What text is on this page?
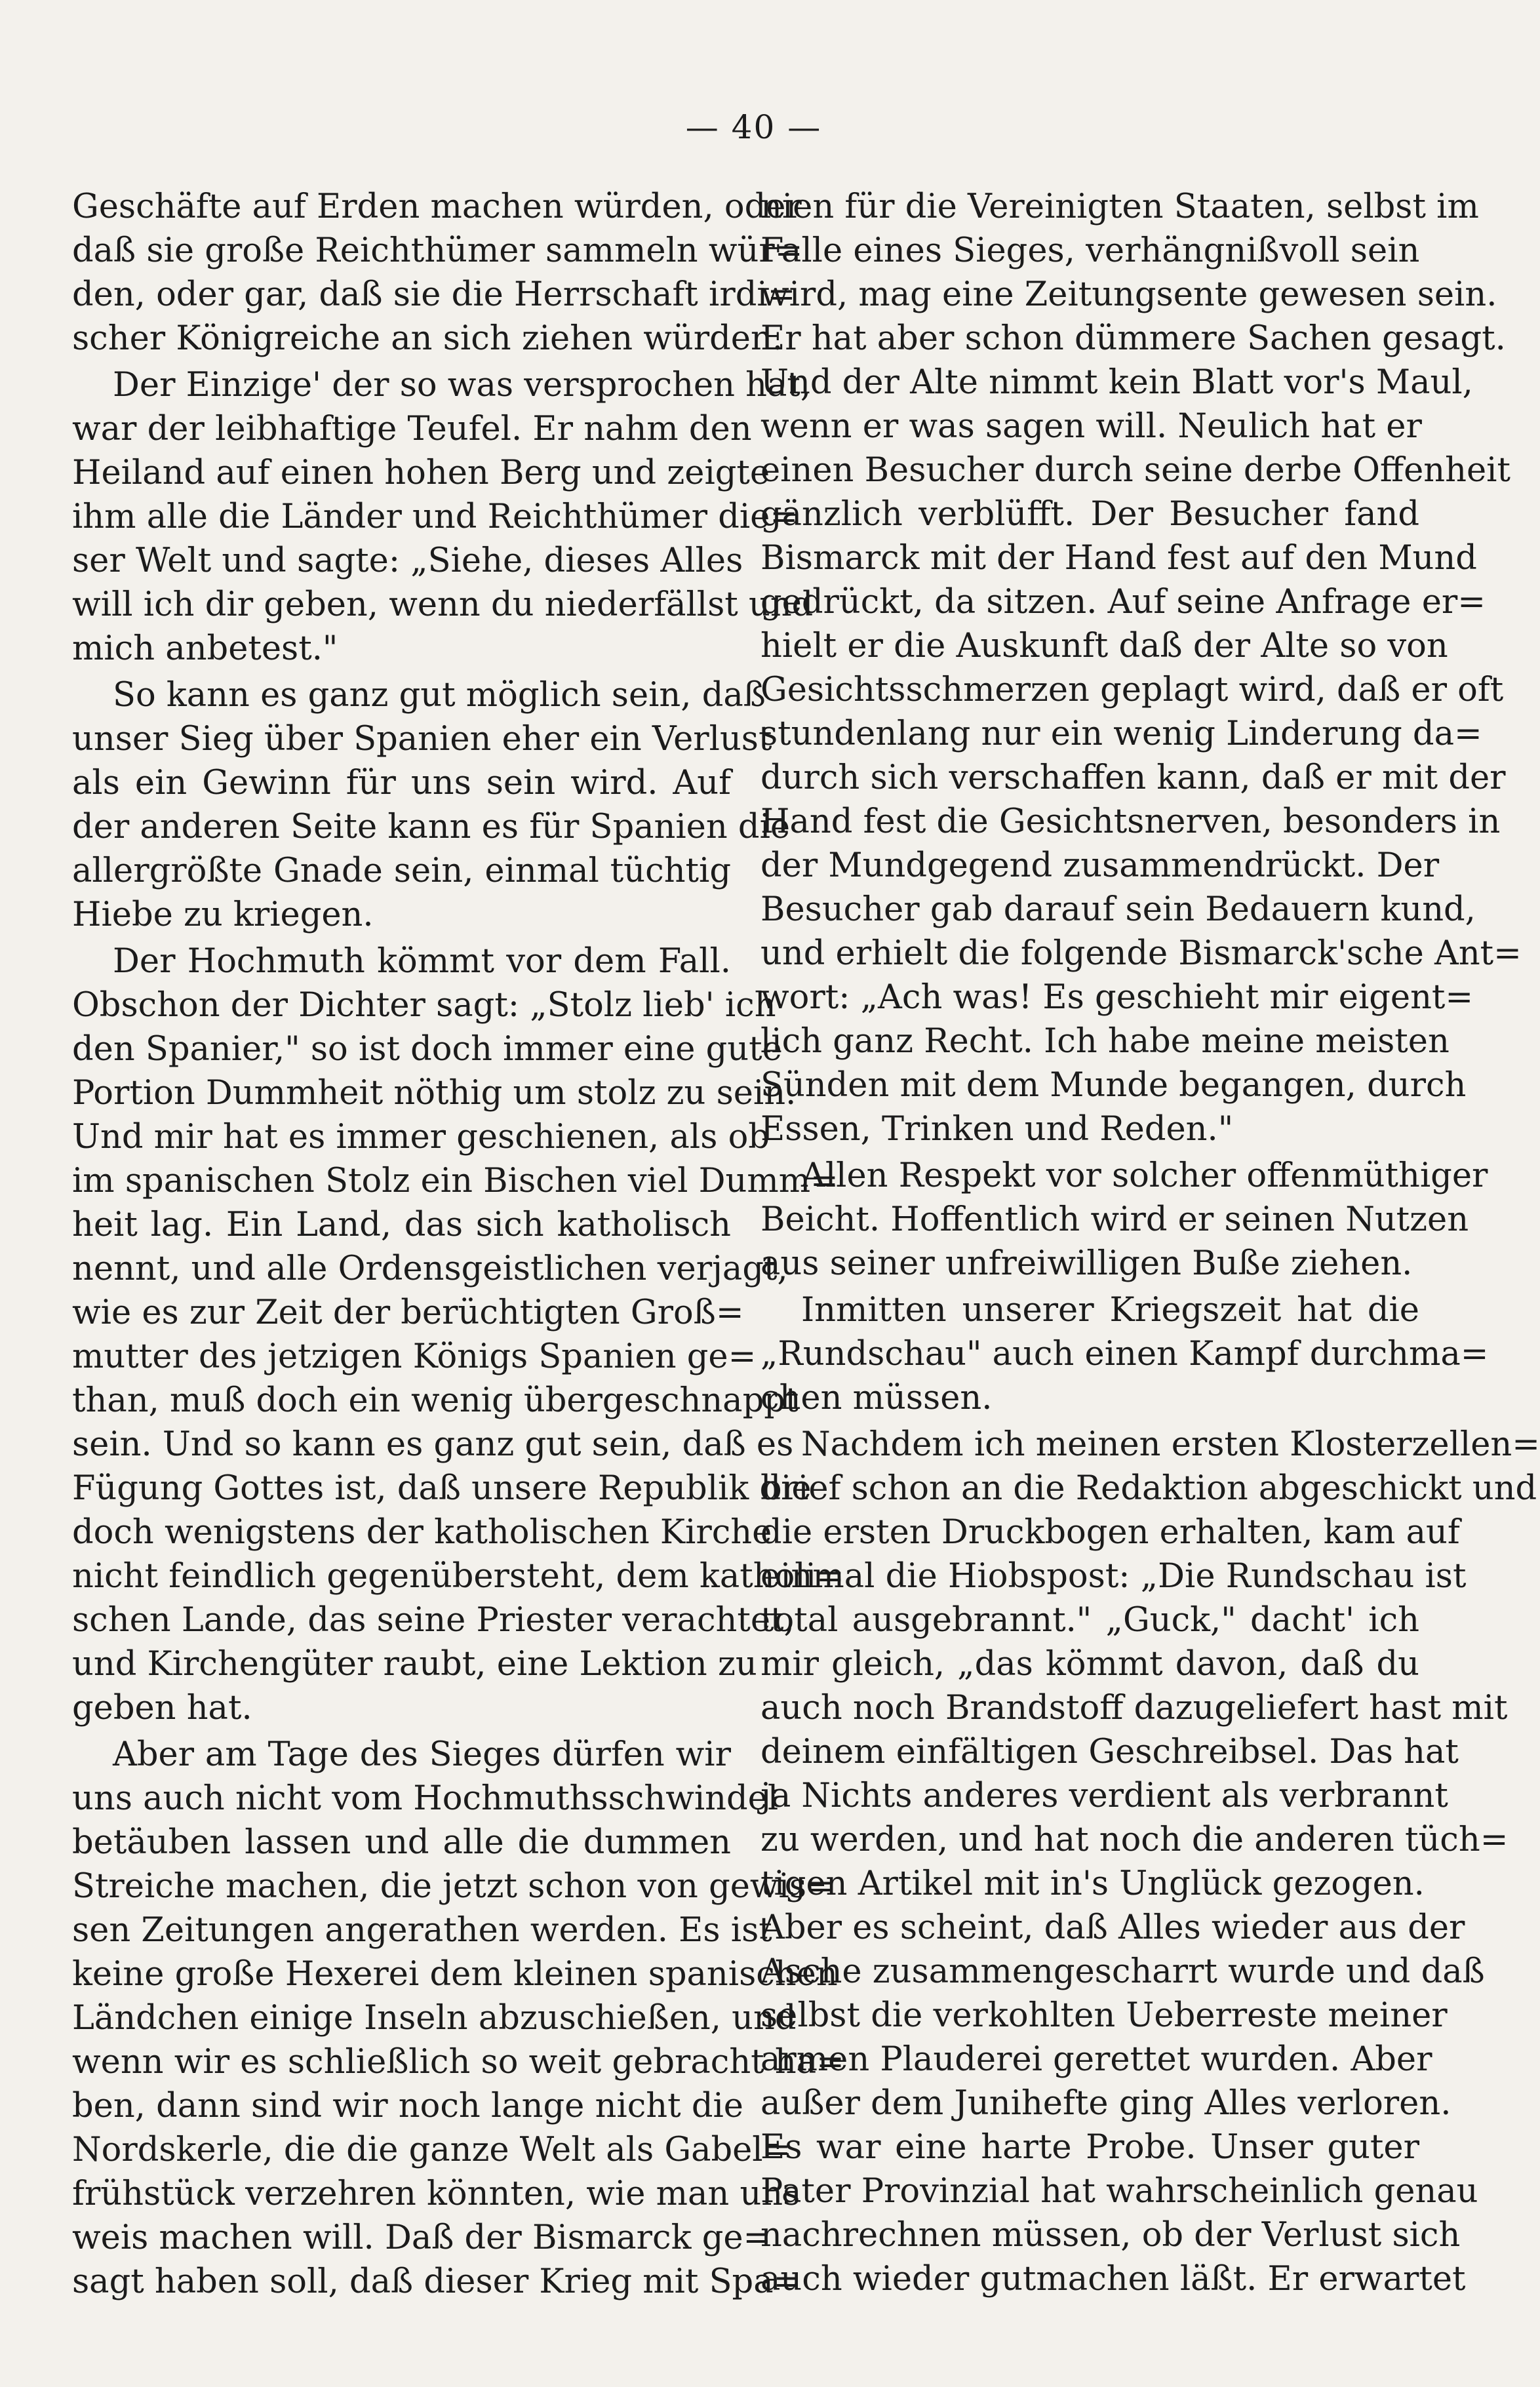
— 40 —
Geschäfte auf Erden machen würden, oder
daß sie große Reichthümer sammeln wür=
den, oder gar, daß sie die Herrschaft irdi=
scher Königreiche an sich ziehen würden.
Der Einzige' der so was versprochen hat,
war der leibhaftige Teufel. Er nahm den
Heiland auf einen hohen Berg und zeigte
ihm alle die Länder und Reichthümer die=
ser Welt und sagte: „Siehe, dieses Alles
will ich dir geben, wenn du niederfällst und
mich anbetest."
So kann es ganz gut möglich sein, daß
unser Sieg über Spanien eher ein Verlust
als ein Gewinn für uns sein wird. Auf
der anderen Seite kann es für Spanien die
allergrößte Gnade sein, einmal tüchtig
Hiebe zu kriegen.
Der Hochmuth kömmt vor dem Fall.
Obschon der Dichter sagt: „Stolz lieb' ich
den Spanier," so ist doch immer eine gute
Portion Dummheit nöthig um stolz zu sein.
Und mir hat es immer geschienen, als ob
im spanischen Stolz ein Bischen viel Dumm=
heit lag. Ein Land, das sich katholisch
nennt, und alle Ordensgeistlichen verjagt,
wie es zur Zeit der berüchtigten Groß=
mutter des jetzigen Königs Spanien ge=
than, muß doch ein wenig übergeschnappt
sein. Und so kann es ganz gut sein, daß es
Fügung Gottes ist, daß unsere Republik die
doch wenigstens der katholischen Kirche
nicht feindlich gegenübersteht, dem katholi=
schen Lande, das seine Priester verachtet,
und Kirchengüter raubt, eine Lektion zu
geben hat.
Aber am Tage des Sieges dürfen wir
uns auch nicht vom Hochmuthsschwindel
betäuben lassen und alle die dummen
Streiche machen, die jetzt schon von gewis=
sen Zeitungen angerathen werden. Es ist
keine große Hexerei dem kleinen spanischen
Ländchen einige Inseln abzuschießen, und
wenn wir es schließlich so weit gebracht ha=
ben, dann sind wir noch lange nicht die
Nordskerle, die die ganze Welt als Gabel=
frühstück verzehren könnten, wie man uns
weis machen will. Daß der Bismarck ge=
sagt haben soll, daß dieser Krieg mit Spa=
nien für die Vereinigten Staaten, selbst im
Falle eines Sieges, verhängnißvoll sein
wird, mag eine Zeitungsente gewesen sein.
Er hat aber schon dümmere Sachen gesagt.
Und der Alte nimmt kein Blatt vor's Maul,
wenn er was sagen will. Neulich hat er
einen Besucher durch seine derbe Offenheit
gänzlich verblüfft. Der Besucher fand
Bismarck mit der Hand fest auf den Mund
gedrückt, da sitzen. Auf seine Anfrage er=
hielt er die Auskunft daß der Alte so von
Gesichtsschmerzen geplagt wird, daß er oft
stundenlang nur ein wenig Linderung da=
durch sich verschaffen kann, daß er mit der
Hand fest die Gesichtsnerven, besonders in
der Mundgegend zusammendrückt. Der
Besucher gab darauf sein Bedauern kund,
und erhielt die folgende Bismarck'sche Ant=
wort: „Ach was! Es geschieht mir eigent=
lich ganz Recht. Ich habe meine meisten
Sünden mit dem Munde begangen, durch
Essen, Trinken und Reden."
Allen Respekt vor solcher offenmüthiger
Beicht. Hoffentlich wird er seinen Nutzen
aus seiner unfreiwilligen Buße ziehen.
Inmitten unserer Kriegszeit hat die
„Rundschau" auch einen Kampf durchma=
chen müssen.
Nachdem ich meinen ersten Klosterzellen=
brief schon an die Redaktion abgeschickt und
die ersten Druckbogen erhalten, kam auf
einmal die Hiobspost: „Die Rundschau ist
total ausgebrannt." „Guck," dacht' ich
mir gleich, „das kömmt davon, daß du
auch noch Brandstoff dazugeliefert hast mit
deinem einfältigen Geschreibsel. Das hat
ja Nichts anderes verdient als verbrannt
zu werden, und hat noch die anderen tüch=
tigen Artikel mit in's Unglück gezogen.
Aber es scheint, daß Alles wieder aus der
Asche zusammengescharrt wurde und daß
selbst die verkohlten Ueberreste meiner
armen Plauderei gerettet wurden. Aber
außer dem Junihefte ging Alles verloren.
Es war eine harte Probe. Unser guter
Pater Provinzial hat wahrscheinlich genau
nachrechnen müssen, ob der Verlust sich
auch wieder gutmachen läßt. Er erwartet
